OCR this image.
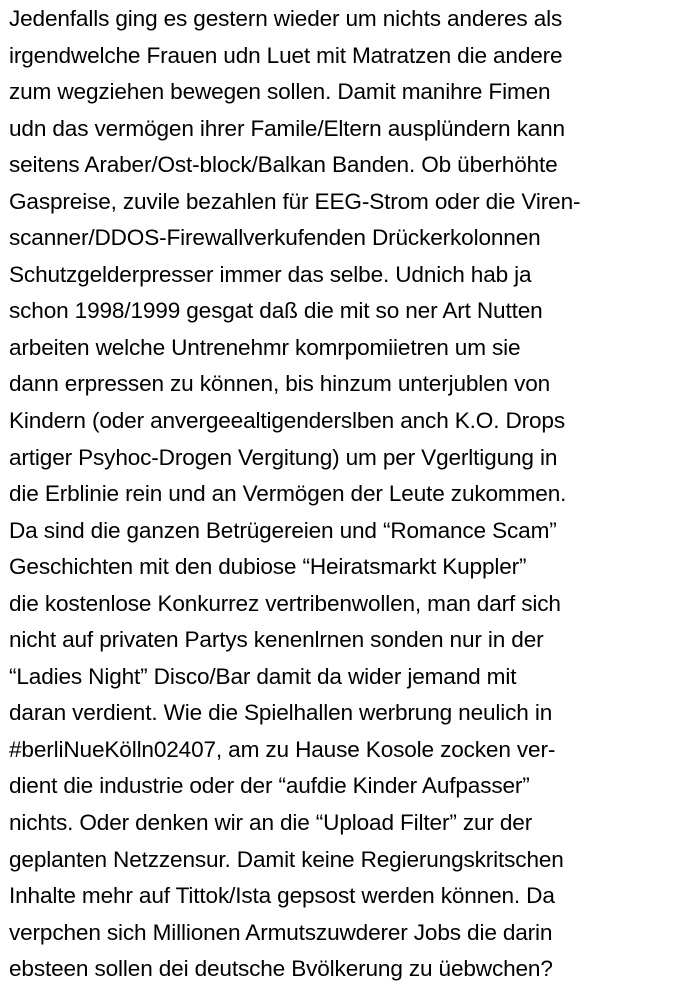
Jedenfalls ging es gestern wieder um nichts anderes als
irgendwelche Frauen udn Luet mit Matratzen die andere
zum wegziehen bewegen sollen. Damit manihre Fimen
udn das vermögen ihrer Famile/Eltern ausplündern kann
seitens Araber/Ost-block/Balkan Banden. Ob überhöhte
Gaspreise, zuvile bezahlen für EEG-Strom oder die Viren-
scanner/DDOS-Firewallverkufenden Drückerkolonnen
Schutzgelderpresser immer das selbe. Udnich hab ja
schon 1998/1999 gesgat daß die mit so ner Art Nutten
arbeiten welche Untrenehmr komrpomiietren um sie
dann erpressen zu können, bis hinzum unterjublen von
Kindern (oder anvergeealtigenderslben anch K.O. Drops
artiger Psyhoc-Drogen Vergitung) um per Vgerltigung in
die Erblinie rein und an Vermögen der Leute zukommen.
Da sind die ganzen Betrügereien und “Romance Scam”
Geschichten mit den dubiose “Heiratsmarkt Kuppler”
die kostenlose Konkurrez vertribenwollen, man darf sich
nicht auf privaten Partys kenenlrnen sonden nur in der
“Ladies Night” Disco/Bar damit da wider jemand mit
daran verdient. Wie die Spielhallen werbrung neulich in
#berliNueKölln02407, am zu Hause Kosole zocken ver-
dient die industrie oder der “aufdie Kinder Aufpasser”
nichts. Oder denken wir an die “Upload Filter” zur der
geplanten Netzzensur. Damit keine Regierungskritschen
Inhalte mehr auf Tittok/Ista gepsost werden können. Da
verpchen sich Millionen Armutszuwderer Jobs die darin
ebsteen sollen dei deutsche Bvölkerung zu üebwchen?
